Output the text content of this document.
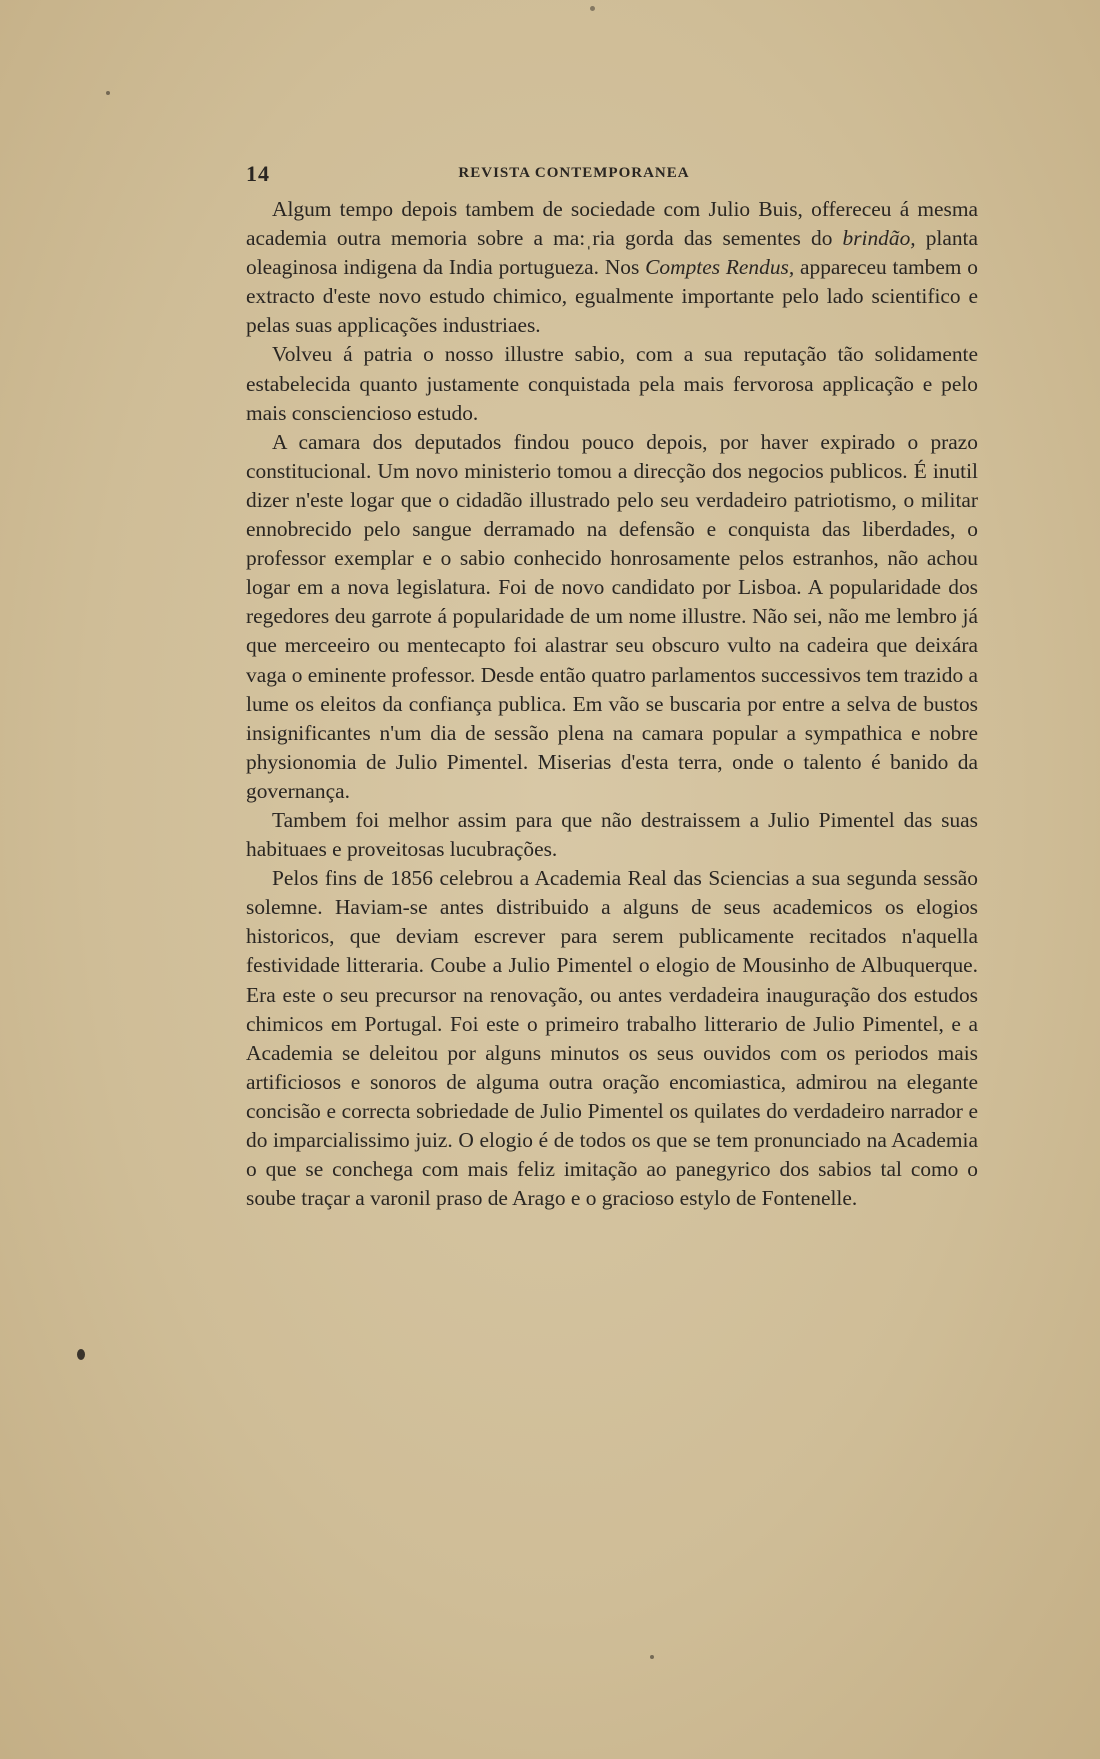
14	REVISTA CONTEMPORANEA

Algum tempo depois tambem de sociedade com Julio Buis, offereceu á mesma academia outra memoria sobre a ma:ˌria gorda das sementes do brindão, planta oleaginosa indigena da India portugueza. Nos Comptes Rendus, appareceu tambem o extracto d'este novo estudo chimico, egualmente importante pelo lado scientifico e pelas suas applicações industriaes.

Volveu á patria o nosso illustre sabio, com a sua reputação tão solidamente estabelecida quanto justamente conquistada pela mais fervorosa applicação e pelo mais consciencioso estudo.

A camara dos deputados findou pouco depois, por haver expirado o prazo constitucional. Um novo ministerio tomou a direcção dos negocios publicos. É inutil dizer n'este logar que o cidadão illustrado pelo seu verdadeiro patriotismo, o militar ennobrecido pelo sangue derramado na defensão e conquista das liberdades, o professor exemplar e o sabio conhecido honrosamente pelos estranhos, não achou logar em a nova legislatura. Foi de novo candidato por Lisboa. A popularidade dos regedores deu garrote á popularidade de um nome illustre. Não sei, não me lembro já que merceeiro ou mentecapto foi alastrar seu obscuro vulto na cadeira que deixára vaga o eminente professor. Desde então quatro parlamentos successivos tem trazido a lume os eleitos da confiança publica. Em vão se buscaria por entre a selva de bustos insignificantes n'um dia de sessão plena na camara popular a sympathica e nobre physionomia de Julio Pimentel. Miserias d'esta terra, onde o talento é banido da governança.

Tambem foi melhor assim para que não destraissem a Julio Pimentel das suas habituaes e proveitosas lucubrações.

Pelos fins de 1856 celebrou a Academia Real das Sciencias a sua segunda sessão solemne. Haviam-se antes distribuido a alguns de seus academicos os elogios historicos, que deviam escrever para serem publicamente recitados n'aquella festividade litteraria. Coube a Julio Pimentel o elogio de Mousinho de Albuquerque. Era este o seu precursor na renovação, ou antes verdadeira inauguração dos estudos chimicos em Portugal. Foi este o primeiro trabalho litterario de Julio Pimentel, e a Academia se deleitou por alguns minutos os seus ouvidos com os periodos mais artificiosos e sonoros de alguma outra oração encomiastica, admirou na elegante concisão e correcta sobriedade de Julio Pimentel os quilates do verdadeiro narrador e do imparcialissimo juiz. O elogio é de todos os que se tem pronunciado na Academia o que se conchega com mais feliz imitação ao panegyrico dos sabios tal como o soube traçar a varonil praso de Arago e o gracioso estylo de Fontenelle.
